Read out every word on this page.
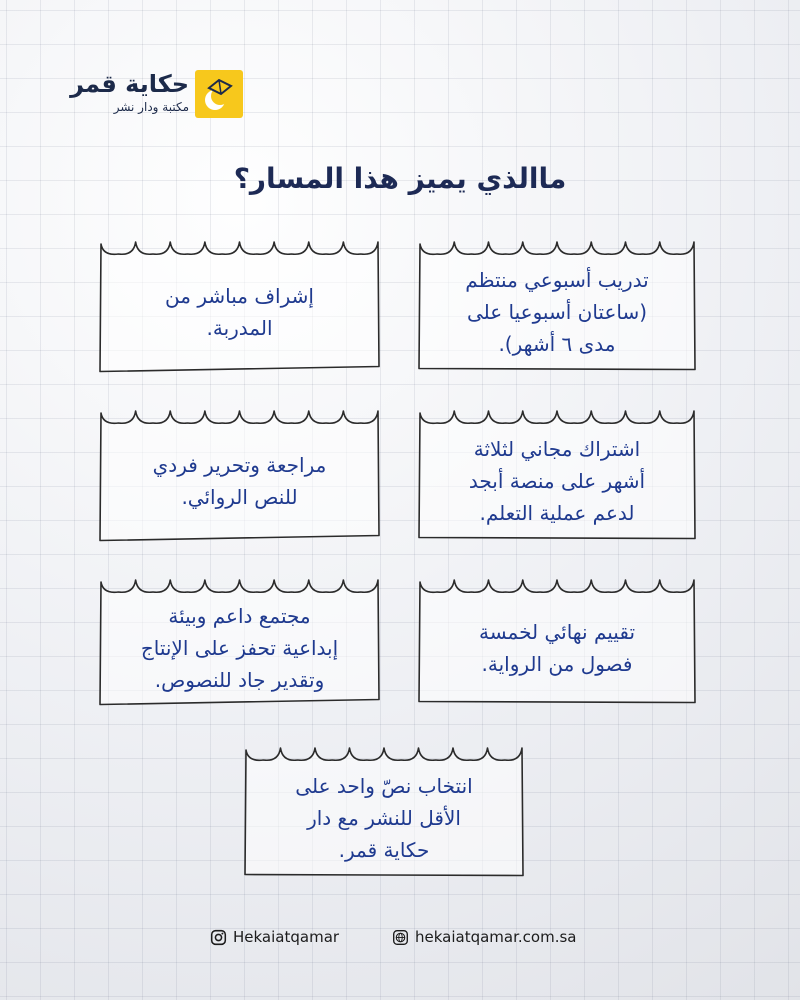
حكاية قمر
مكتبة ودار نشر
ماالذي يميز هذا المسار؟
تدريب أسبوعي منتظم
(ساعتان أسبوعيا على
مدى ٦ أشهر).
إشراف مباشر من
المدربة.
اشتراك مجاني لثلاثة
أشهر على منصة أبجد
لدعم عملية التعلم.
مراجعة وتحرير فردي
للنص الروائي.
تقييم نهائي لخمسة
فصول من الرواية.
مجتمع داعم وبيئة
إبداعية تحفز على الإنتاج
وتقدير جاد للنصوص.
انتخاب نصّ واحد على
الأقل للنشر مع دار
حكاية قمر.
Hekaiatqamar	hekaiatqamar.com.sa
